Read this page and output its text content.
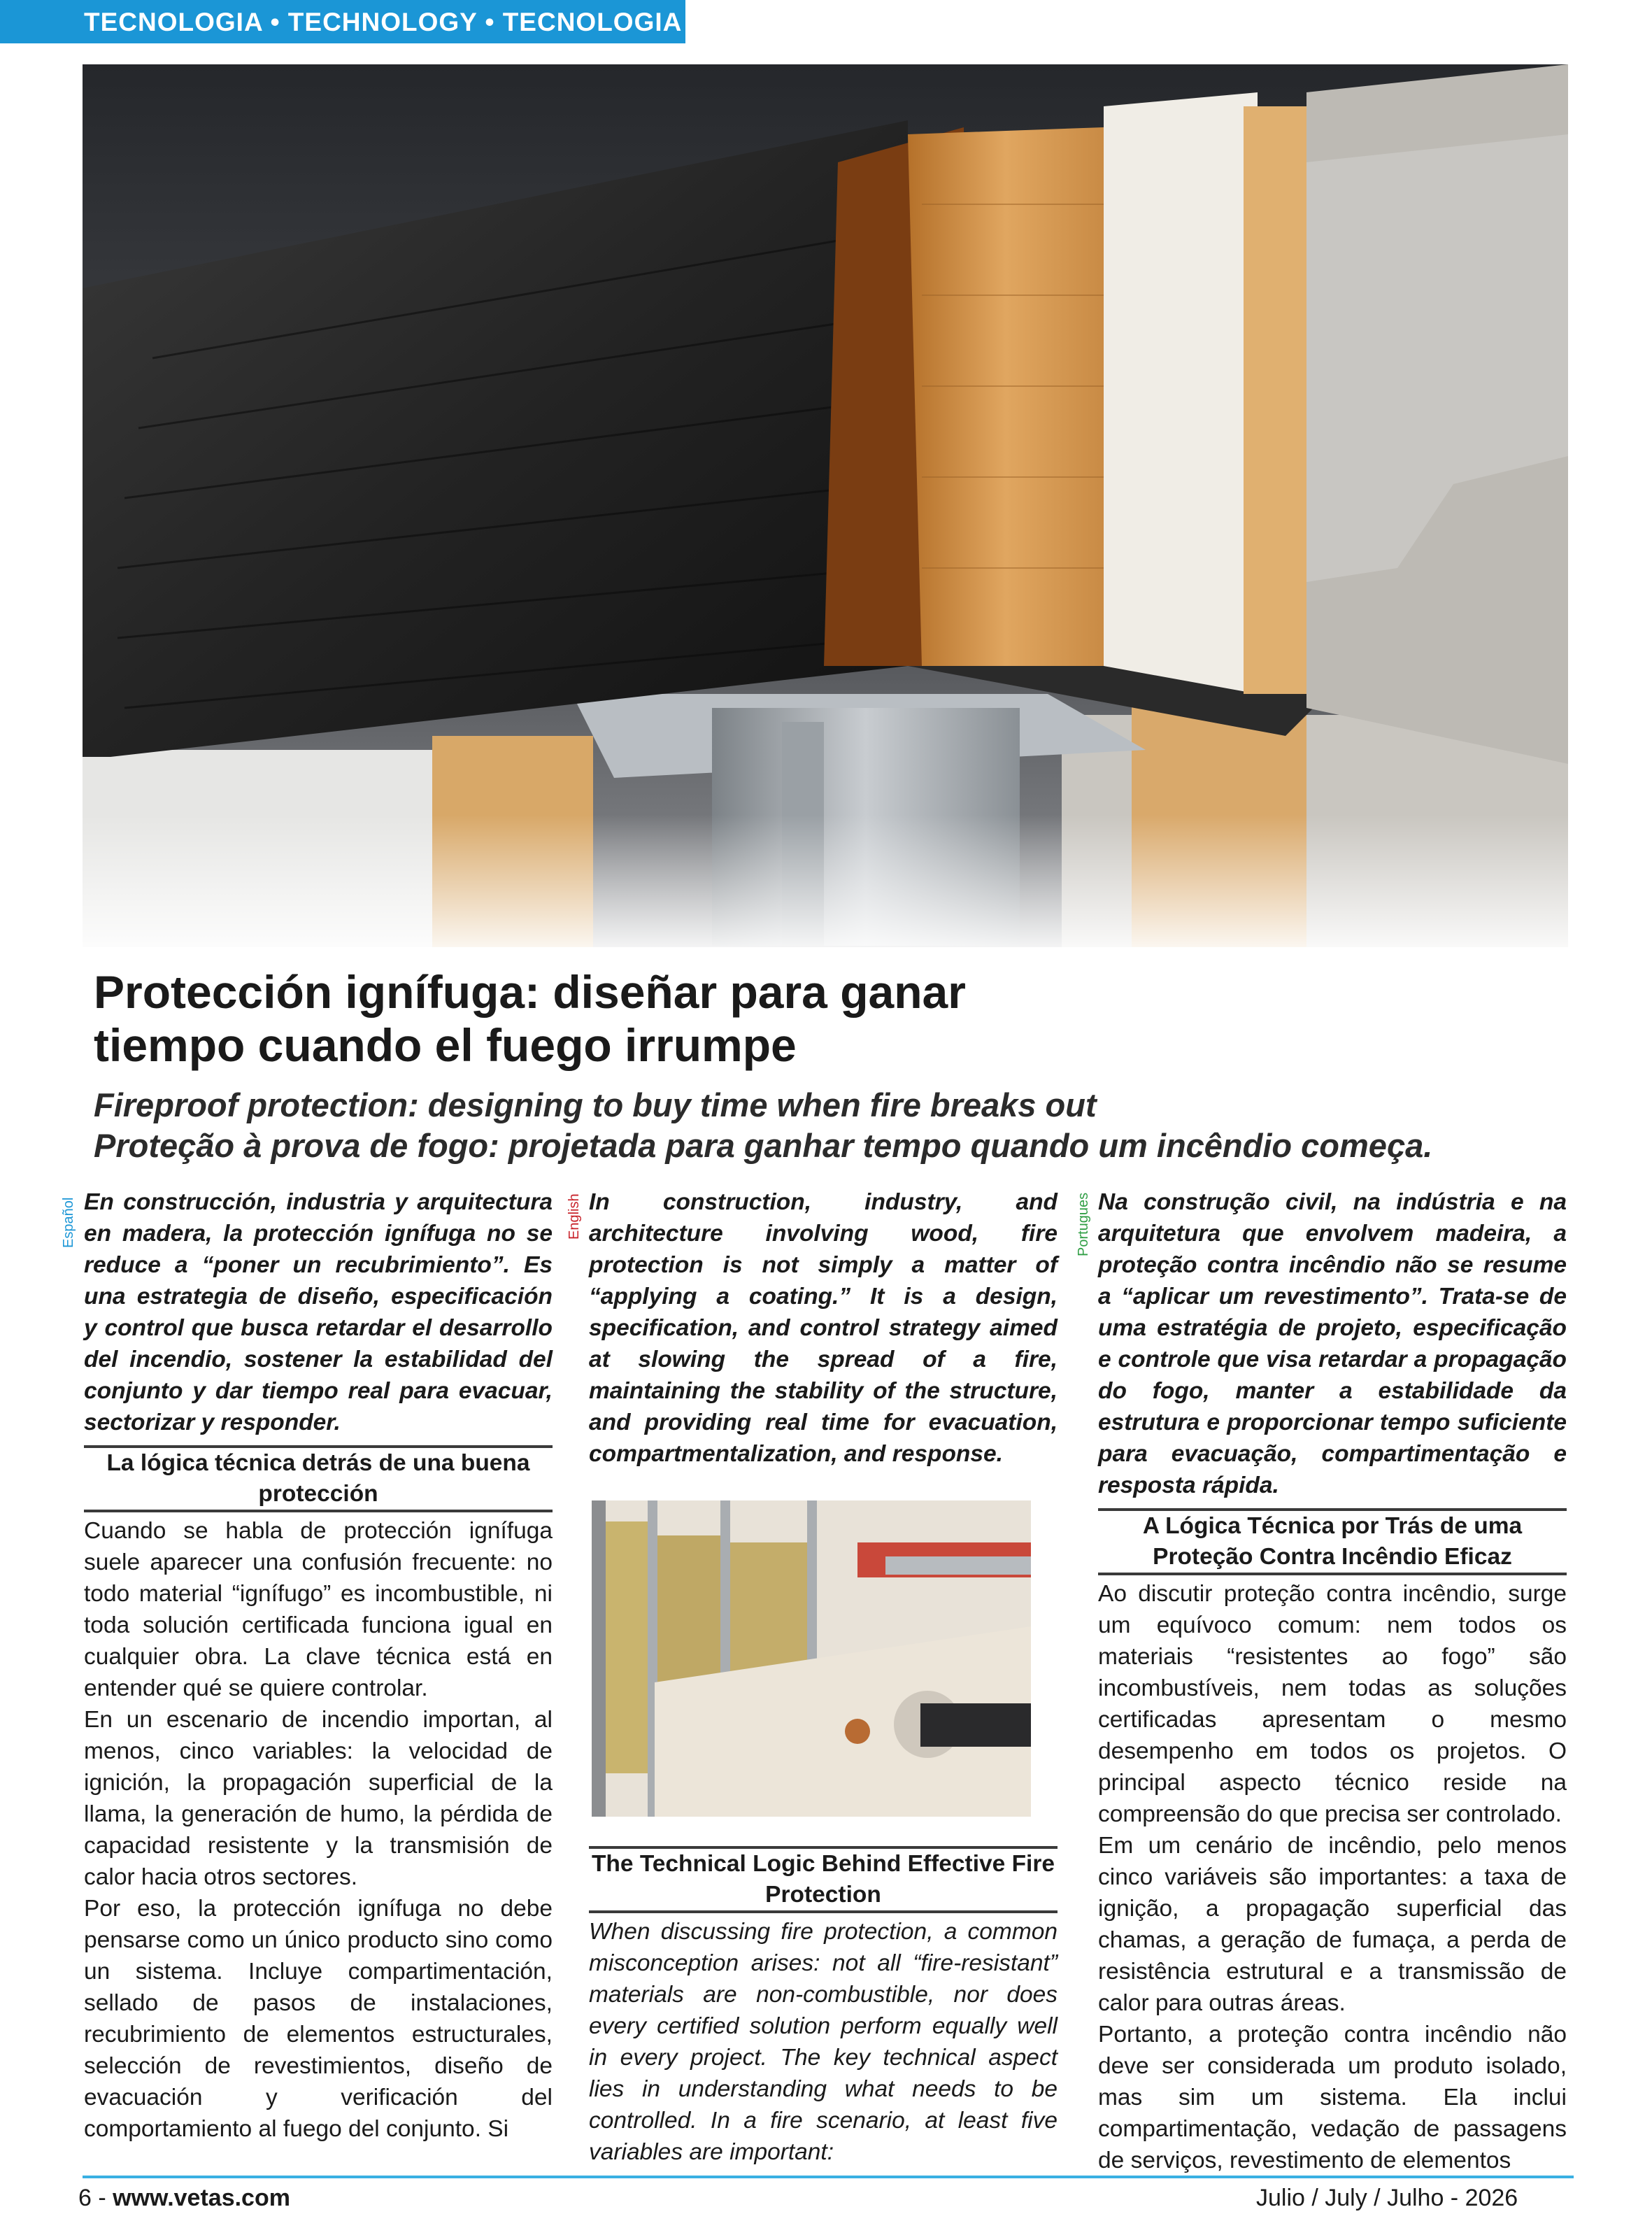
TECNOLOGIA • TECHNOLOGY • TECNOLOGIA
Protección ignífuga: diseñar para ganar
tiempo cuando el fuego irrumpe
Fireproof protection: designing to buy time when fire breaks out
Proteção à prova de fogo: projetada para ganhar tempo quando um incêndio começa.
Español	English	Portugues

En construcción, industria y arquitectura en madera, la protección ignífuga no se reduce a “poner un recubrimiento”. Es una estrategia de diseño, especificación y control que busca retardar el desarrollo del incendio, sostener la estabilidad del conjunto y dar tiempo real para evacuar, sectorizar y responder.

La lógica técnica detrás de una buena protección

Cuando se habla de protección ignífuga suele aparecer una confusión frecuente: no todo material “ignífugo” es incombustible, ni toda solución certificada funciona igual en cualquier obra. La clave técnica está en entender qué se quiere controlar.

En un escenario de incendio importan, al menos, cinco variables: la velocidad de ignición, la propagación superficial de la llama, la generación de humo, la pérdida de capacidad resistente y la transmisión de calor hacia otros sectores.

Por eso, la protección ignífuga no debe pensarse como un único producto sino como un sistema. Incluye compartimentación, sellado de pasos de instalaciones, recubrimiento de elementos estructurales, selección de revestimientos, diseño de evacuación y verificación del comportamiento al fuego del conjunto. Si

In construction, industry, and architecture involving wood, fire protection is not simply a matter of “applying a coating.” It is a design, specification, and control strategy aimed at slowing the spread of a fire, maintaining the stability of the structure, and providing real time for evacuation, compartmentalization, and response.

The Technical Logic Behind Effective Fire Protection

When discussing fire protection, a common misconception arises: not all “fire-resistant” materials are non-combustible, nor does every certified solution perform equally well in every project. The key technical aspect lies in understanding what needs to be controlled. In a fire scenario, at least five variables are important:

Na construção civil, na indústria e na arquitetura que envolvem madeira, a proteção contra incêndio não se resume a “aplicar um revestimento”. Trata-se de uma estratégia de projeto, especificação e controle que visa retardar a propagação do fogo, manter a estabilidade da estrutura e proporcionar tempo suficiente para evacuação, compartimentação e resposta rápida.

A Lógica Técnica por Trás de uma Proteção Contra Incêndio Eficaz

Ao discutir proteção contra incêndio, surge um equívoco comum: nem todos os materiais “resistentes ao fogo” são incombustíveis, nem todas as soluções certificadas apresentam o mesmo desempenho em todos os projetos. O principal aspecto técnico reside na compreensão do que precisa ser controlado.

Em um cenário de incêndio, pelo menos cinco variáveis são importantes: a taxa de ignição, a propagação superficial das chamas, a geração de fumaça, a perda de resistência estrutural e a transmissão de calor para outras áreas.

Portanto, a proteção contra incêndio não deve ser considerada um produto isolado, mas sim um sistema. Ela inclui compartimentação, vedação de passagens de serviços, revestimento de elementos

6 - www.vetas.com	Julio / July / Julho - 2026
